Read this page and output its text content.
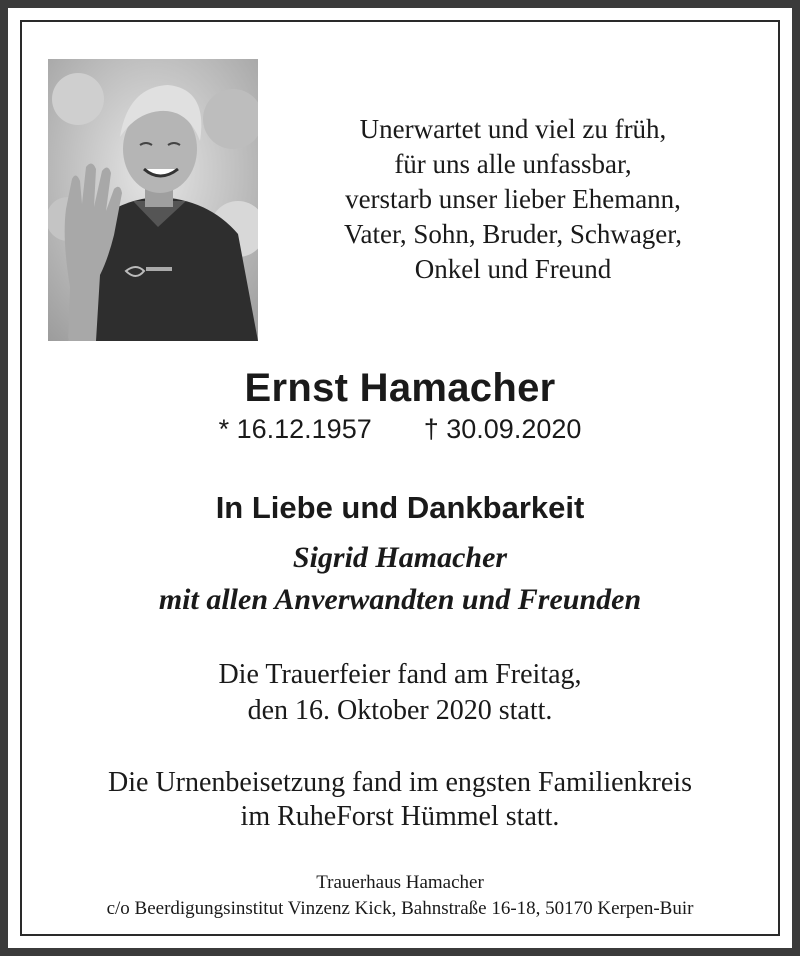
Unerwartet und viel zu früh,
für uns alle unfassbar,
verstarb unser lieber Ehemann,
Vater, Sohn, Bruder, Schwager,
Onkel und Freund
Ernst Hamacher
* 16.12.1957 † 30.09.2020
In Liebe und Dankbarkeit
Sigrid Hamacher
mit allen Anverwandten und Freunden
Die Trauerfeier fand am Freitag,
den 16. Oktober 2020 statt.
Die Urnenbeisetzung fand im engsten Familienkreis
im RuheForst Hümmel statt.
Trauerhaus Hamacher
c/o Beerdigungsinstitut Vinzenz Kick, Bahnstraße 16-18, 50170 Kerpen-Buir
